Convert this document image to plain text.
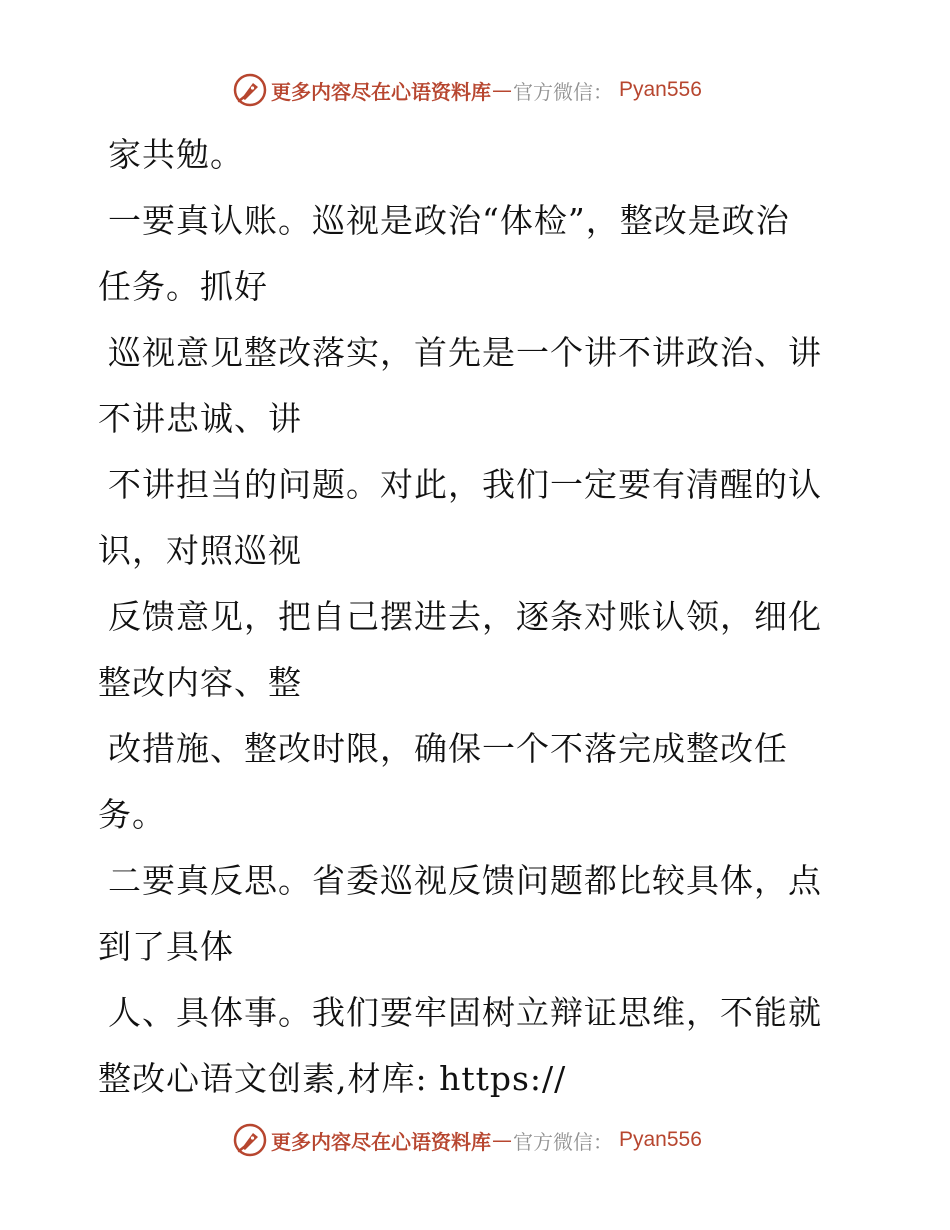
更多内容尽在心语资料库 — 官方微信 ： Pyan556
家共勉。
一要真认账。巡视是政治“体检”，整改是政治
任务。抓好
巡视意见整改落实，首先是一个讲不讲政治、讲
不讲忠诚、讲
不讲担当的问题。对此，我们一定要有清醒的认
识，对照巡视
反馈意见，把自己摆进去，逐条对账认领，细化
整改内容、整
改措施、整改时限，确保一个不落完成整改任
务。
二要真反思。省委巡视反馈问题都比较具体，点
到了具体
人、具体事。我们要牢固树立辩证思维，不能就
整改心语文创素,材库: https://
更多内容尽在心语资料库 — 官方微信 ： Pyan556
